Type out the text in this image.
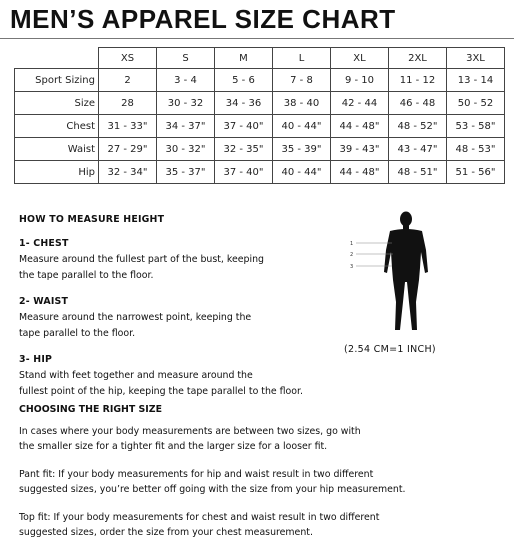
MEN’S APPAREL SIZE CHART
	XS	S	M	L	XL	2XL	3XL
Sport Sizing	2	3 - 4	5 - 6	7 - 8	9 - 10	11 - 12	13 - 14
Size	28	30 - 32	34 - 36	38 - 40	42 - 44	46 - 48	50 - 52
Chest	31 - 33"	34 - 37"	37 - 40"	40 - 44"	44 - 48"	48 - 52"	53 - 58"
Waist	27 - 29"	30 - 32"	32 - 35"	35 - 39"	39 - 43"	43 - 47"	48 - 53"
Hip	32 - 34"	35 - 37"	37 - 40"	40 - 44"	44 - 48"	48 - 51"	51 - 56"
HOW TO MEASURE HEIGHT
1- CHEST
Measure around the fullest part of the bust, keeping
the tape parallel to the floor.
2- WAIST
Measure around the narrowest point, keeping the
tape parallel to the floor.
3- HIP
Stand with feet together and measure around the
fullest point of the hip, keeping the tape parallel to the floor.
1
2
3
(2.54 CM=1 INCH)
CHOOSING THE RIGHT SIZE
In cases where your body measurements are between two sizes, go with
the smaller size for a tighter fit and the larger size for a looser fit.
Pant fit: If your body measurements for hip and waist result in two different
suggested sizes, you’re better off going with the size from your hip measurement.
Top fit: If your body measurements for chest and waist result in two different
suggested sizes, order the size from your chest measurement.
